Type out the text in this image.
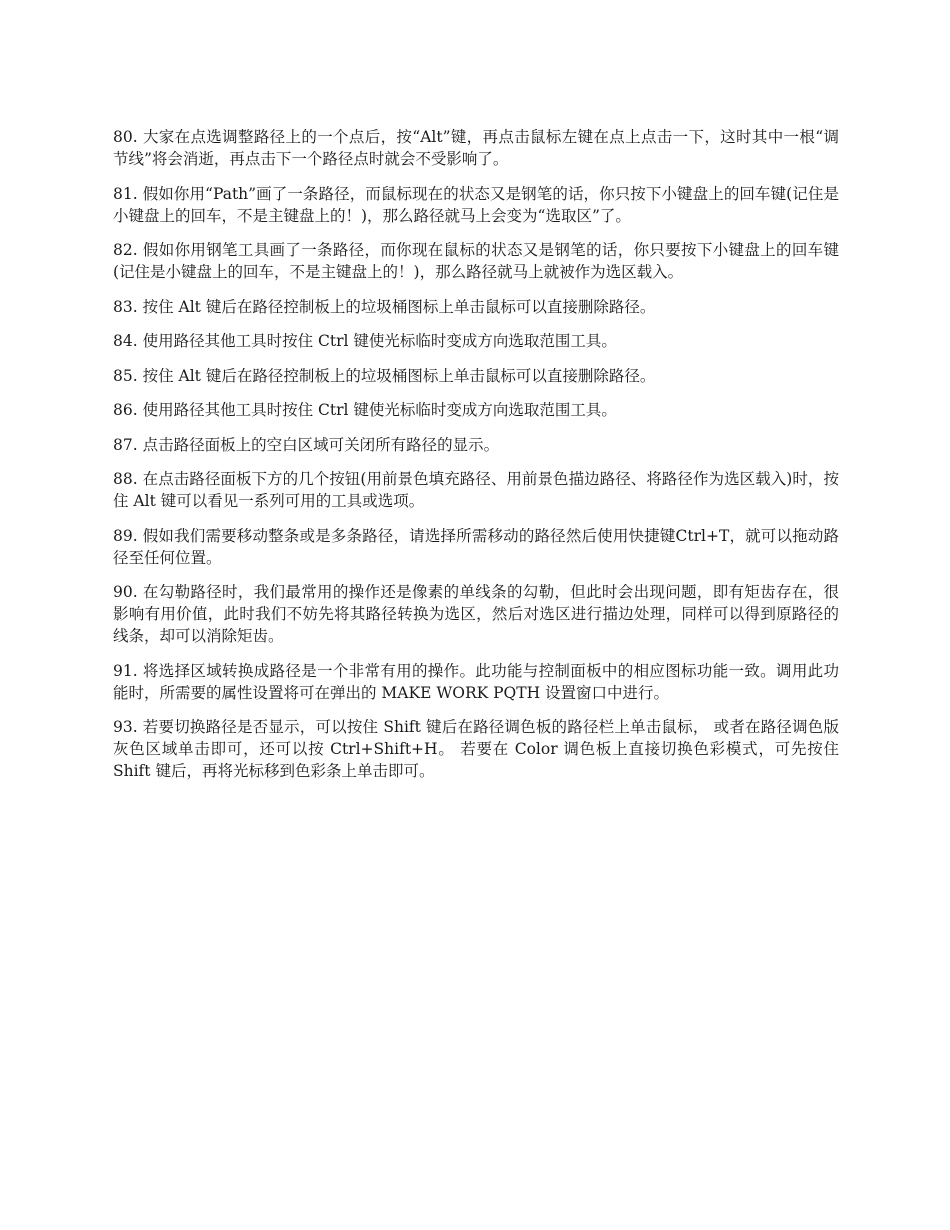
80 . 大家在点选调整路径上的一个点后，按“Alt”键，再点击鼠标左键在点上点击一下，这时其中一根“调节线”将会消逝，再点击下一个路径点时就会不受影响了。

81 . 假如你用“Path”画了一条路径，而鼠标现在的状态又是钢笔的话，你只按下小键盘上的回车键(记住是小键盘上的回车，不是主键盘上的！)，那么路径就马上会变为“选取区”了。

82 . 假如你用钢笔工具画了一条路径，而你现在鼠标的状态又是钢笔的话，你只要按下小键盘上的回车键(记住是小键盘上的回车，不是主键盘上的！)，那么路径就马上就被作为选区载入。

83 . 按住 Alt 键后在路径控制板上的垃圾桶图标上单击鼠标可以直接删除路径。

84 . 使用路径其他工具时按住 Ctrl 键使光标临时变成方向选取范围工具。

85 . 按住 Alt 键后在路径控制板上的垃圾桶图标上单击鼠标可以直接删除路径。

86 . 使用路径其他工具时按住 Ctrl 键使光标临时变成方向选取范围工具。

87 . 点击路径面板上的空白区域可关闭所有路径的显示。

88 . 在点击路径面板下方的几个按钮(用前景色填充路径、用前景色描边路径、将路径作为选区载入)时，按住 Alt 键可以看见一系列可用的工具或选项。

89 . 假如我们需要移动整条或是多条路径，请选择所需移动的路径然后使用快捷键Ctrl+T，就可以拖动路径至任何位置。

90 . 在勾勒路径时，我们最常用的操作还是像素的单线条的勾勒，但此时会出现问题，即有矩齿存在，很影响有用价值，此时我们不妨先将其路径转换为选区，然后对选区进行描边处理，同样可以得到原路径的线条，却可以消除矩齿。

91 . 将选择区域转换成路径是一个非常有用的操作。此功能与控制面板中的相应图标功能一致。调用此功能时，所需要的属性设置将可在弹出的 MAKE WORK PQTH 设置窗口中进行。

93 . 若要切换路径是否显示，可以按住 Shift 键后在路径调色板的路径栏上单击鼠标， 或者在路径调色版灰色区域单击即可，还可以按 Ctrl+Shift+H。 若要在 Color 调色板上直接切换色彩模式，可先按住 Shift 键后，再将光标移到色彩条上单击即可。
